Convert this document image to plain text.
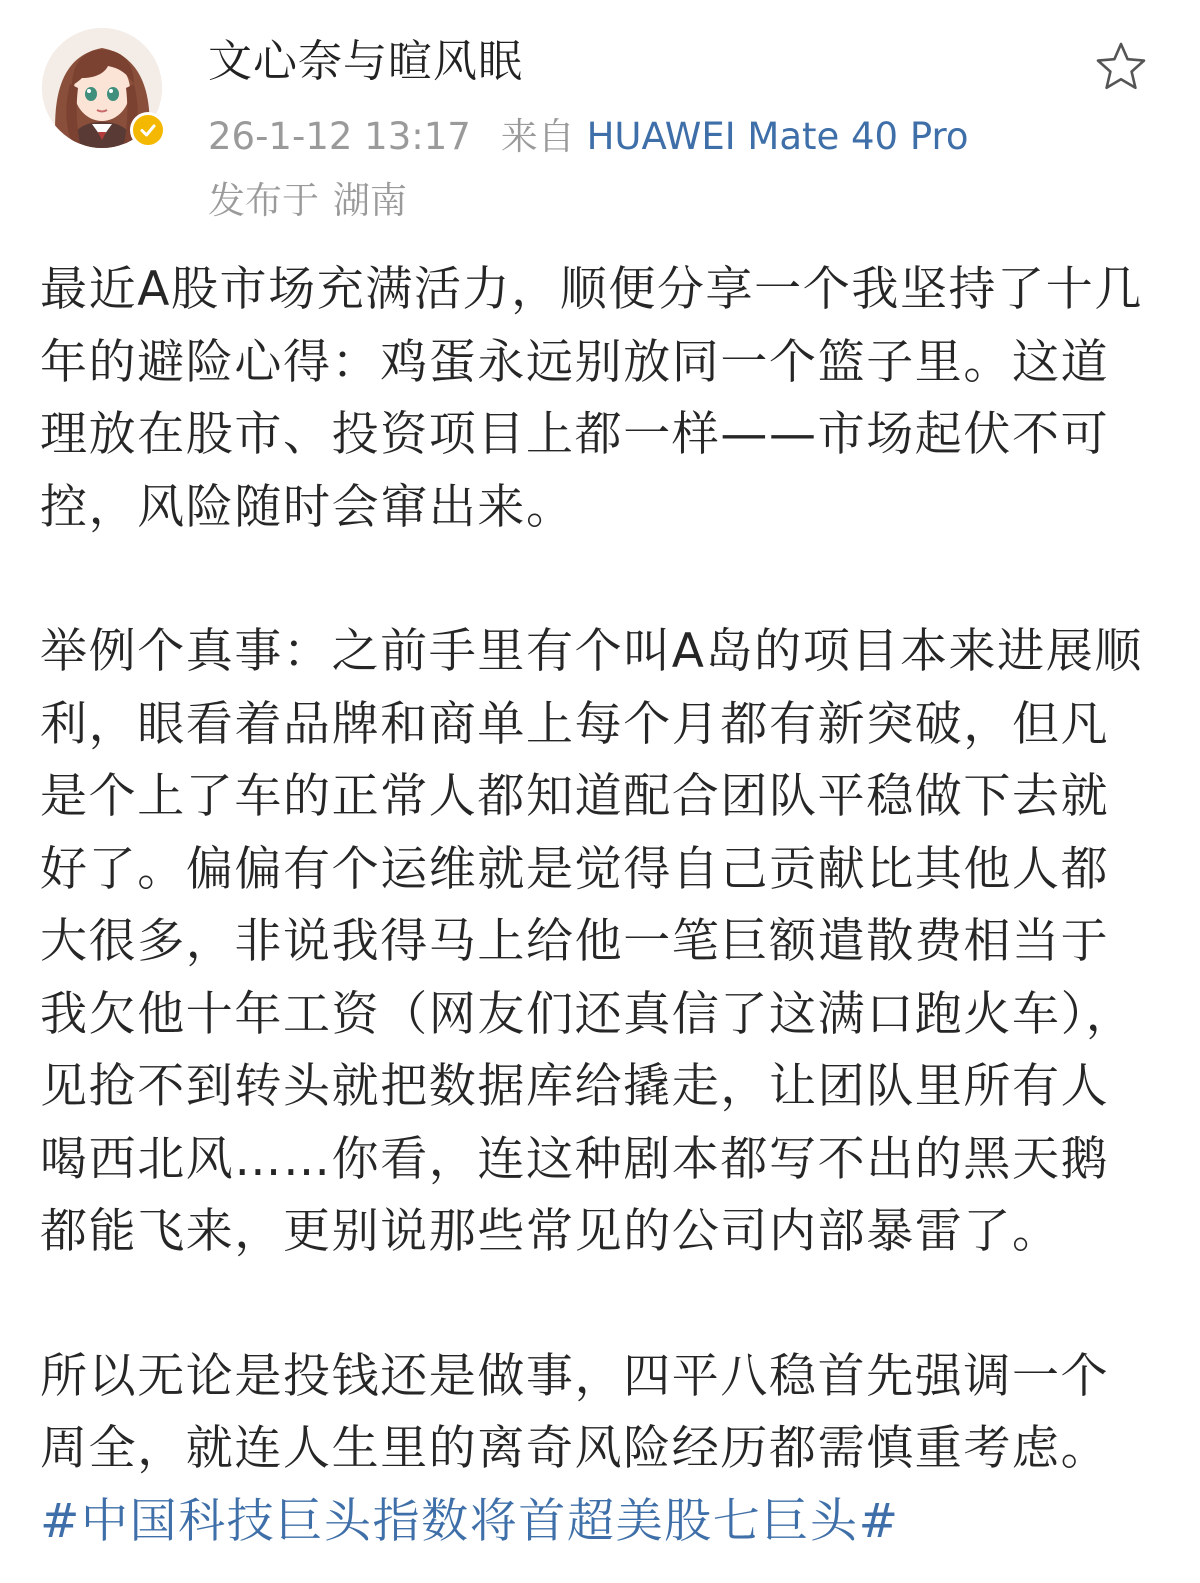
文心奈与暄风眠
26-1-12 13:17 来自 HUAWEI Mate 40 Pro
发布于 湖南

最近A股市场充满活力，顺便分享一个我坚持了十几年的避险心得：鸡蛋永远别放同一个篮子里。这道理放在股市、投资项目上都一样——市场起伏不可控，风险随时会窜出来。

举例个真事：之前手里有个叫A岛的项目本来进展顺利，眼看着品牌和商单上每个月都有新突破，但凡是个上了车的正常人都知道配合团队平稳做下去就好了。偏偏有个运维就是觉得自己贡献比其他人都大很多，非说我得马上给他一笔巨额遣散费相当于我欠他十年工资（网友们还真信了这满口跑火车），见抢不到转头就把数据库给撬走，让团队里所有人喝西北风……你看，连这种剧本都写不出的黑天鹅都能飞来，更别说那些常见的公司内部暴雷了。

所以无论是投钱还是做事，四平八稳首先强调一个周全，就连人生里的离奇风险经历都需慎重考虑。

#中国科技巨头指数将首超美股七巨头#
